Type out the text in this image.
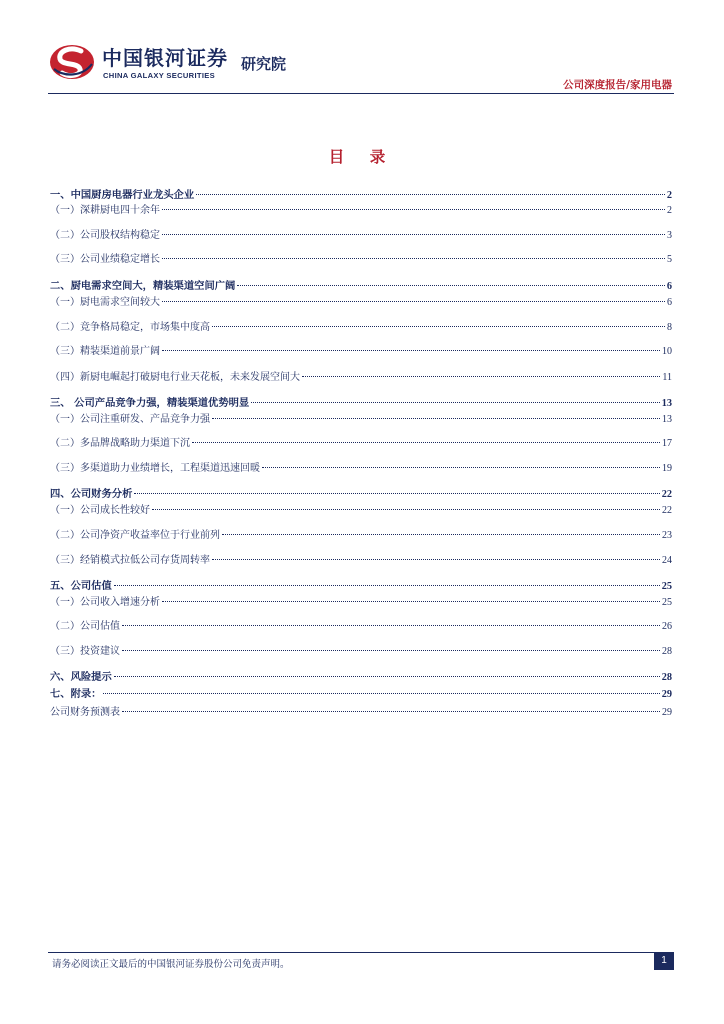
中国银河证券
CHINA GALAXY SECURITIES
研究院
公司深度报告/家用电器
目 录
一、中国厨房电器行业龙头企业	2
（一）深耕厨电四十余年	2
（二）公司股权结构稳定	3
（三）公司业绩稳定增长	5
二、厨电需求空间大，精装渠道空间广阔	6
（一）厨电需求空间较大	6
（二）竞争格局稳定，市场集中度高	8
（三）精装渠道前景广阔	10
（四）新厨电崛起打破厨电行业天花板，未来发展空间大	11
三、 公司产品竞争力强，精装渠道优势明显	13
（一）公司注重研发、产品竞争力强	13
（二）多品牌战略助力渠道下沉	17
（三）多渠道助力业绩增长，工程渠道迅速回暖	19
四、公司财务分析	22
（一）公司成长性较好	22
（二）公司净资产收益率位于行业前列	23
（三）经销模式拉低公司存货周转率	24
五、公司估值	25
（一）公司收入增速分析	25
（二）公司估值	26
（三）投资建议	28
六、风险提示	28
七、附录：	29
公司财务预测表	29
请务必阅读正文最后的中国银河证券股份公司免责声明。	1
